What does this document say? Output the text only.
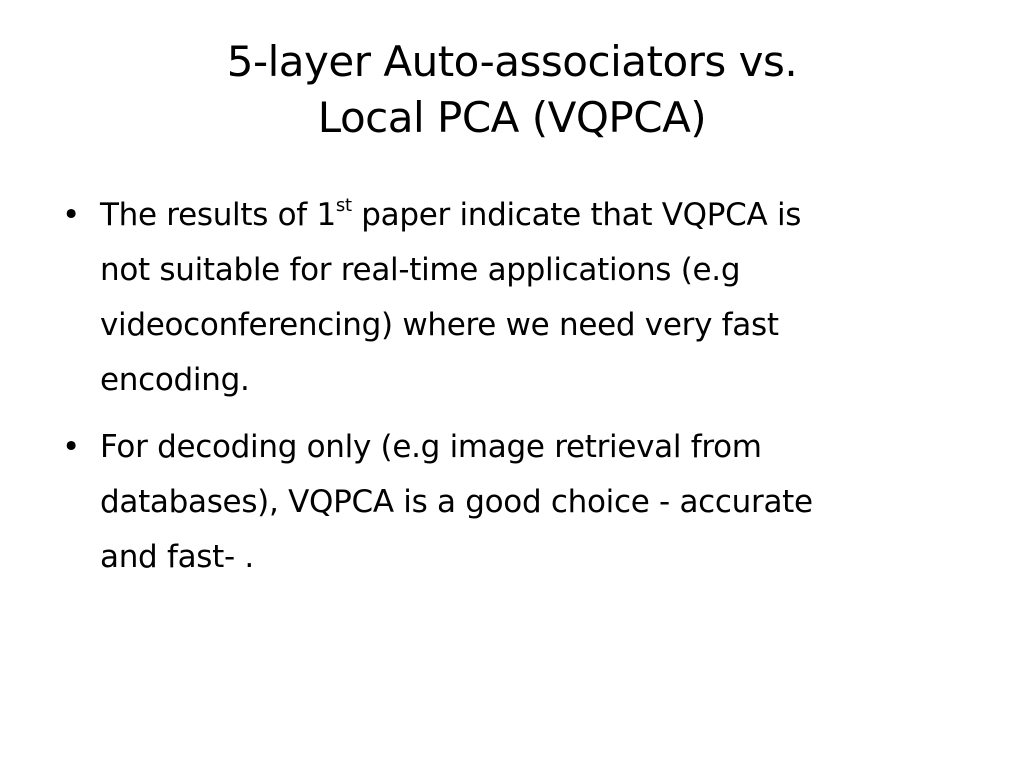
5-layer Auto-associators vs.
Local PCA (VQPCA)
• The results of 1st paper indicate that VQPCA is
not suitable for real-time applications (e.g
videoconferencing) where we need very fast
encoding.
• For decoding only (e.g image retrieval from
databases), VQPCA is a good choice - accurate
and fast- .
